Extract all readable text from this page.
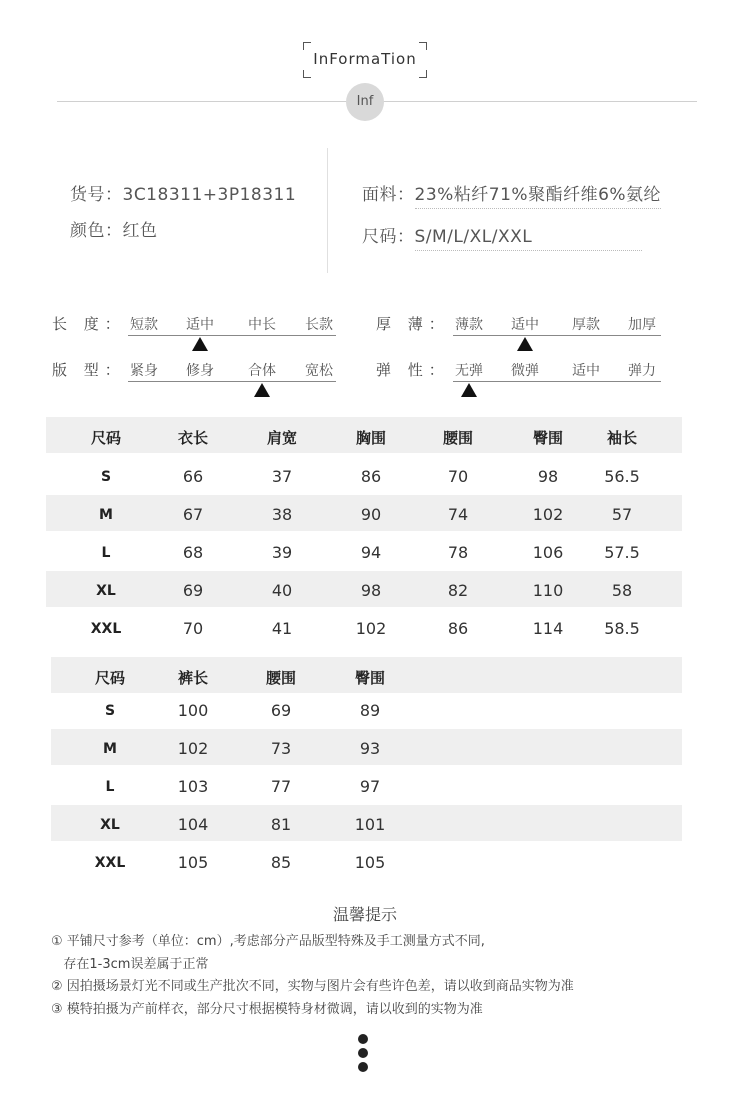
InFormaTion
Inf
货号：3C18311+3P18311
颜色：红色
面料：23%粘纤71%聚酯纤维6%氨纶
尺码：S/M/L/XL/XXL
长 度： 短款 适中 中长 长款
版 型： 紧身 修身 合体 宽松
厚 薄： 薄款 适中 厚款 加厚
弹 性： 无弹 微弹 适中 弹力
尺码	衣长	肩宽	胸围	腰围	臀围	袖长
S	66	37	86	70	98	56.5
M	67	38	90	74	102	57
L	68	39	94	78	106	57.5
XL	69	40	98	82	110	58
XXL	70	41	102	86	114	58.5
尺码	裤长	腰围	臀围
S	100	69	89
M	102	73	93
L	103	77	97
XL	104	81	101
XXL	105	85	105
温馨提示
① 平铺尺寸参考（单位：cm）,考虑部分产品版型特殊及手工测量方式不同,
存在1-3cm误差属于正常
② 因拍摄场景灯光不同或生产批次不同，实物与图片会有些许色差，请以收到商品实物为准
③ 模特拍摄为产前样衣，部分尺寸根据模特身材微调，请以收到的实物为准
